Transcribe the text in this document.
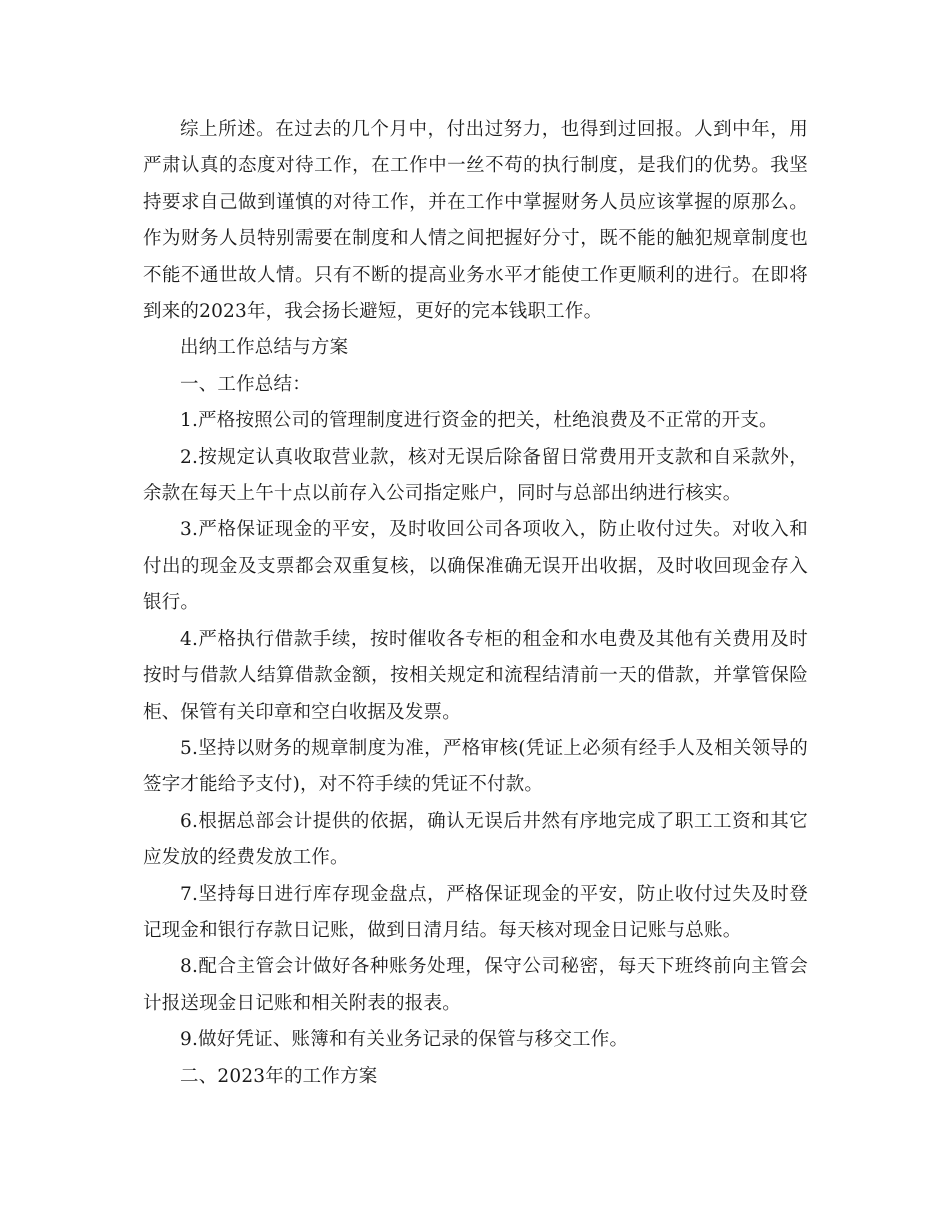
综上所述。在过去的几个月中，付出过努力，也得到过回报。人到中年，用严肃认真的态度对待工作，在工作中一丝不苟的执行制度，是我们的优势。我坚持要求自己做到谨慎的对待工作，并在工作中掌握财务人员应该掌握的原那么。作为财务人员特别需要在制度和人情之间把握好分寸，既不能的触犯规章制度也不能不通世故人情。只有不断的提高业务水平才能使工作更顺利的进行。在即将到来的2023年，我会扬长避短，更好的完本钱职工作。

出纳工作总结与方案

一、工作总结：

1.严格按照公司的管理制度进行资金的把关，杜绝浪费及不正常的开支。

2.按规定认真收取营业款，核对无误后除备留日常费用开支款和自采款外，余款在每天上午十点以前存入公司指定账户，同时与总部出纳进行核实。

3.严格保证现金的平安，及时收回公司各项收入，防止收付过失。对收入和付出的现金及支票都会双重复核，以确保准确无误开出收据，及时收回现金存入银行。

4.严格执行借款手续，按时催收各专柜的租金和水电费及其他有关费用及时按时与借款人结算借款金额，按相关规定和流程结清前一天的借款，并掌管保险柜、保管有关印章和空白收据及发票。

5.坚持以财务的规章制度为准，严格审核(凭证上必须有经手人及相关领导的签字才能给予支付)，对不符手续的凭证不付款。

6.根据总部会计提供的依据，确认无误后井然有序地完成了职工工资和其它应发放的经费发放工作。

7.坚持每日进行库存现金盘点，严格保证现金的平安，防止收付过失及时登记现金和银行存款日记账，做到日清月结。每天核对现金日记账与总账。

8.配合主管会计做好各种账务处理，保守公司秘密，每天下班终前向主管会计报送现金日记账和相关附表的报表。

9.做好凭证、账簿和有关业务记录的保管与移交工作。

二、2023年的工作方案
